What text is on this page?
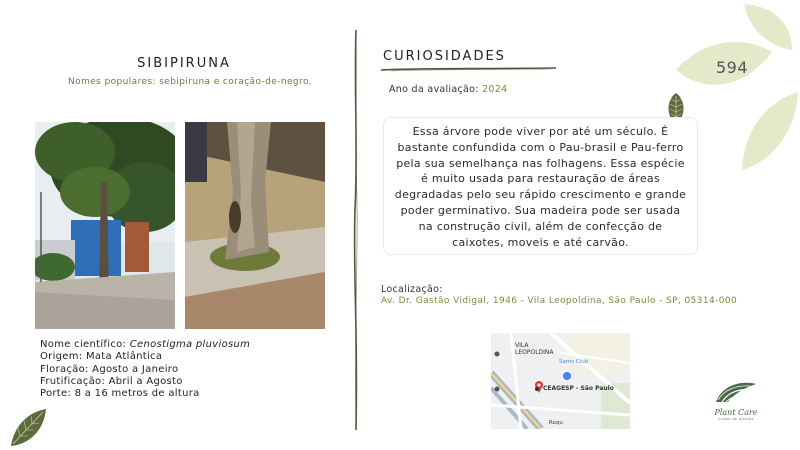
SIBIPIRUNA
Nomes populares: sebipiruna e coração-de-negro.
Nome científico: Cenostigma pluviosum
Origem: Mata Atlântica
Floração: Agosto a Janeiro
Frutificação: Abril a Agosto
Porte: 8 a 16 metros de altura
CURIOSIDADES
Ano da avaliação: 2024

Essa árvore pode viver por até um século. É bastante confundida com o Pau-brasil e Pau-ferro pela sua semelhança nas folhagens. Essa espécie é muito usada para restauração de áreas degradadas pelo seu rápido crescimento e grande poder germinativo. Sua madeira pode ser usada na construção civil, além de confecção de caixotes, moveis e até carvão.

Localização:
Av. Dr. Gastão Vidigal, 1946 - Vila Leopoldina, São Paulo - SP, 05314-000
VILA
LEOPOLDINA
Sams Club
CEAGESP - São Paulo
Roqu
594
Plant Care
cuidar de plantas
